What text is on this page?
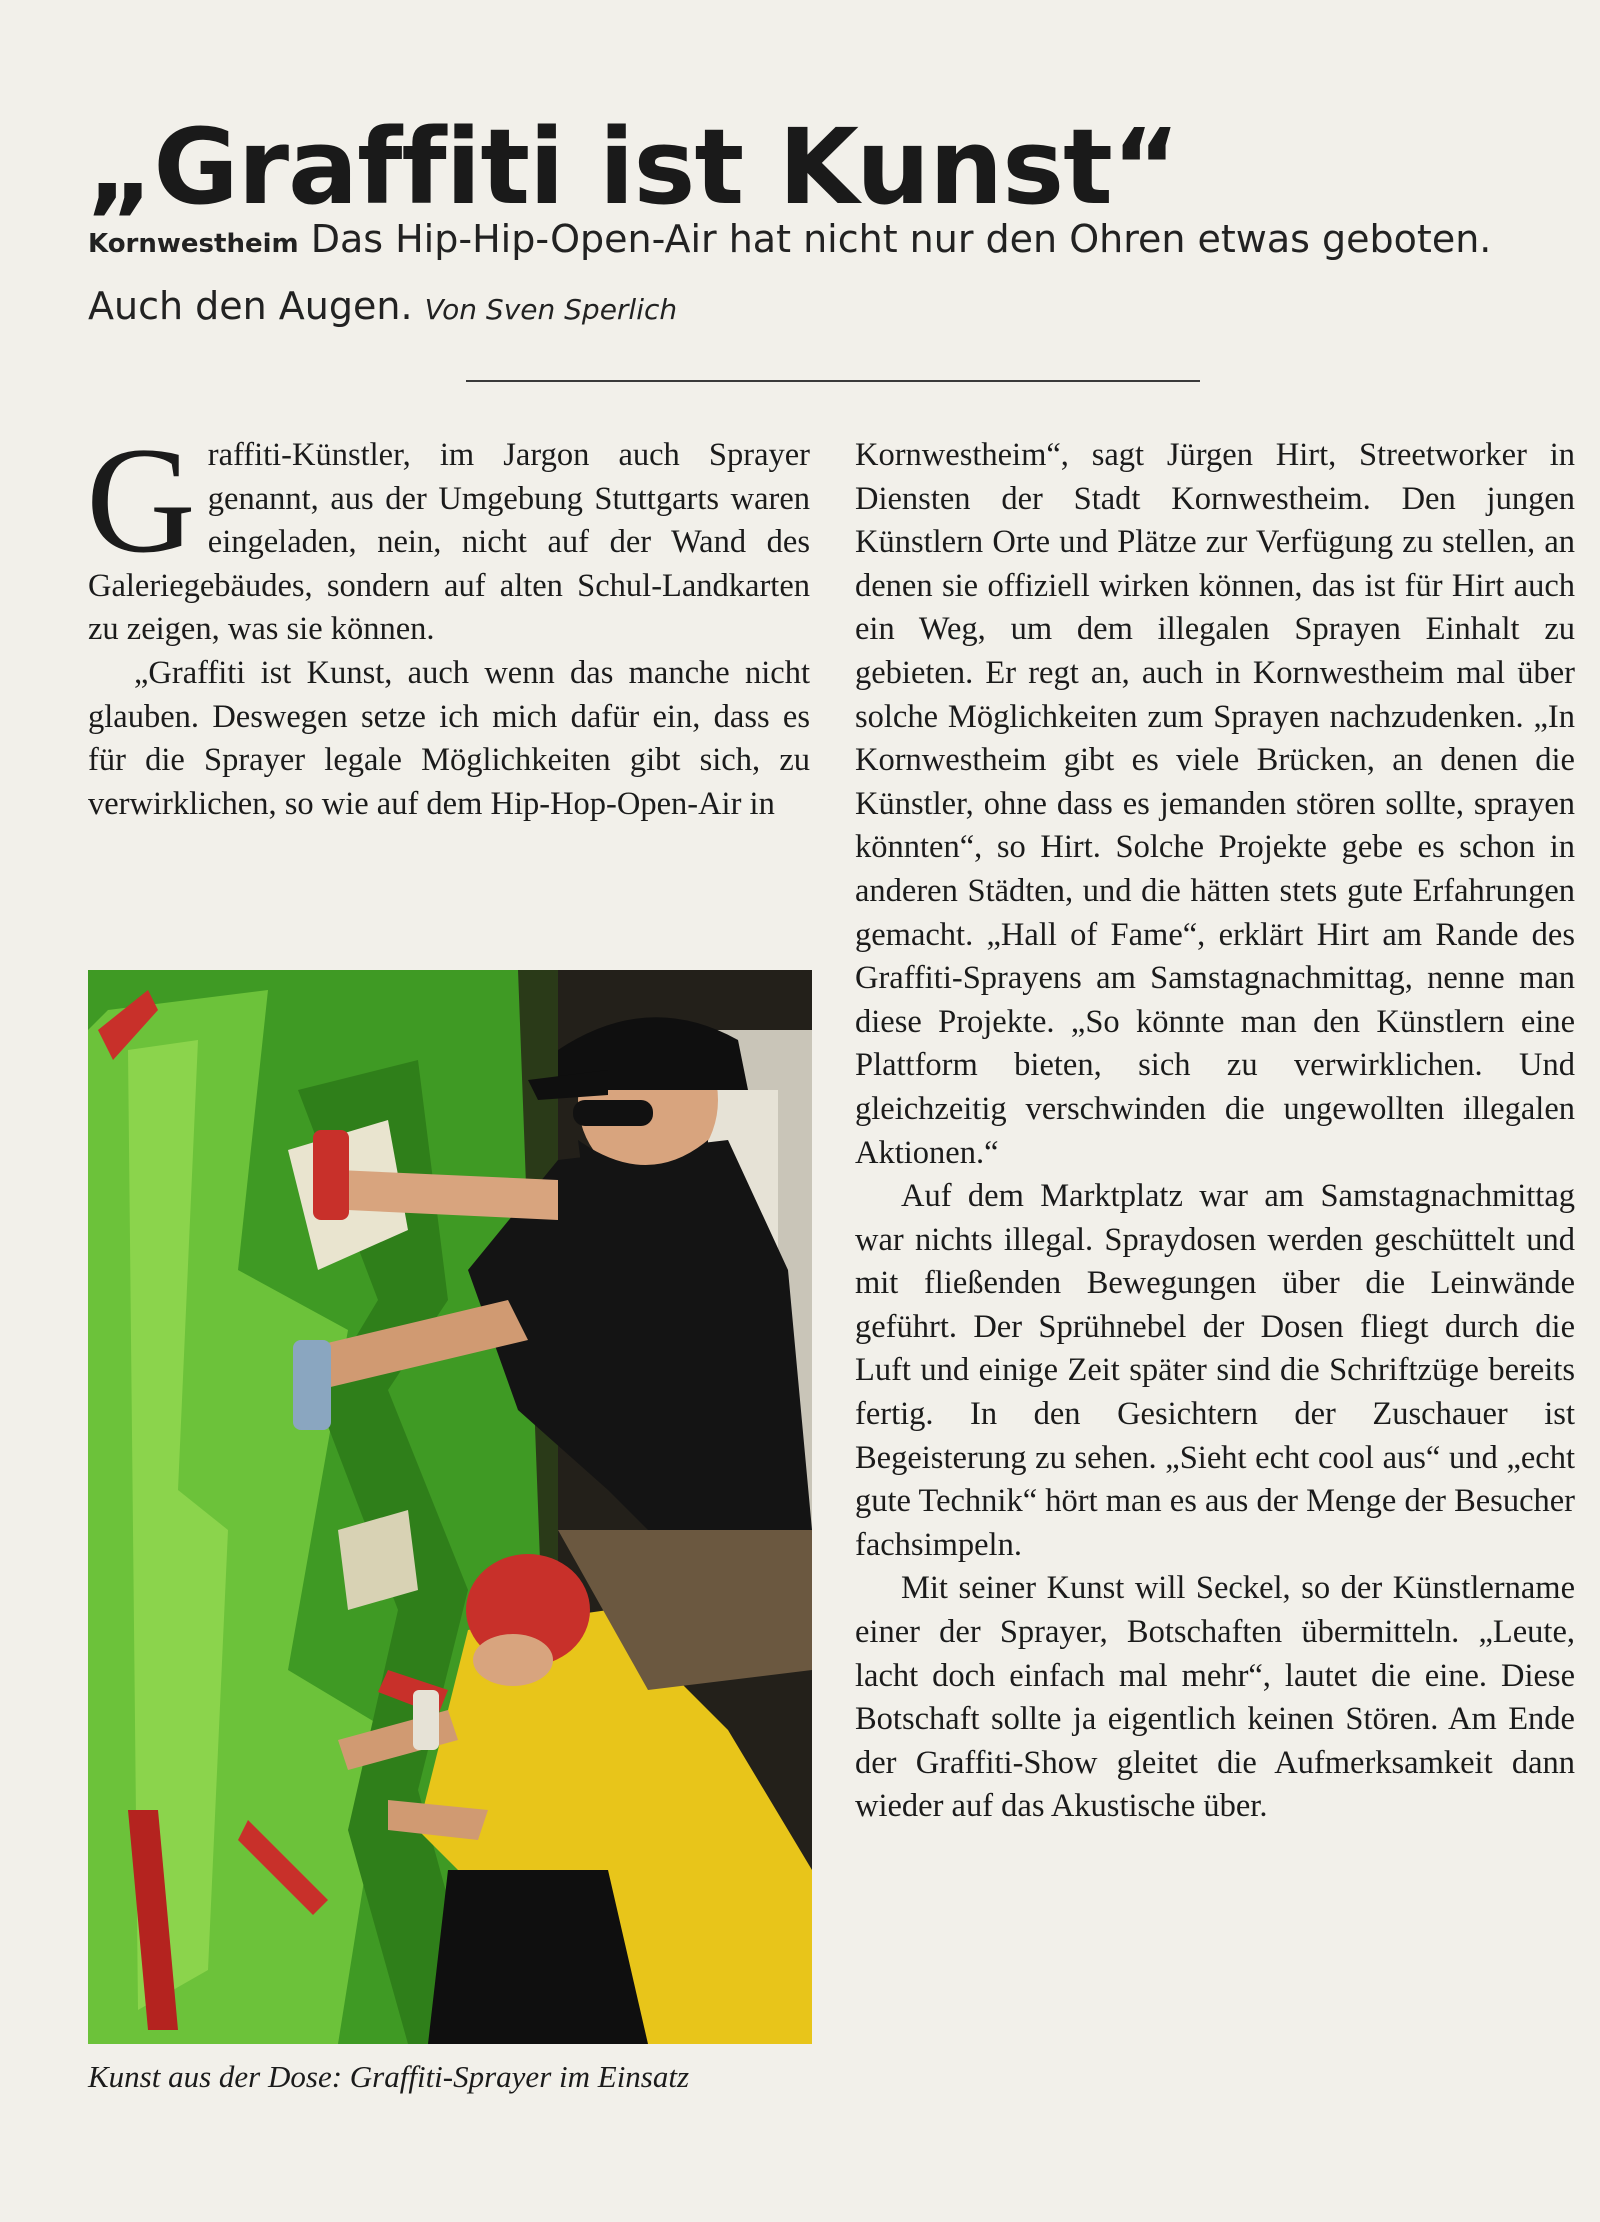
„Graffiti ist Kunst“
Kornwestheim Das Hip-Hip-Open-Air hat nicht nur den Ohren etwas geboten. Auch den Augen. Von Sven Sperlich

Graffiti-Künstler, im Jargon auch Sprayer genannt, aus der Umgebung Stuttgarts waren eingeladen, nein, nicht auf der Wand des Galeriegebäudes, sondern auf alten Schul-Landkarten zu zeigen, was sie können.

„Graffiti ist Kunst, auch wenn das manche nicht glauben. Deswegen setze ich mich dafür ein, dass es für die Sprayer legale Möglichkeiten gibt sich, zu verwirklichen, so wie auf dem Hip-Hop-Open-Air in

Kunst aus der Dose: Graffiti-Sprayer im Einsatz

Kornwestheim“, sagt Jürgen Hirt, Streetworker in Diensten der Stadt Kornwestheim. Den jungen Künstlern Orte und Plätze zur Verfügung zu stellen, an denen sie offiziell wirken können, das ist für Hirt auch ein Weg, um dem illegalen Sprayen Einhalt zu gebieten. Er regt an, auch in Kornwestheim mal über solche Möglichkeiten zum Sprayen nachzudenken. „In Kornwestheim gibt es viele Brücken, an denen die Künstler, ohne dass es jemanden stören sollte, sprayen könnten“, so Hirt. Solche Projekte gebe es schon in anderen Städten, und die hätten stets gute Erfahrungen gemacht. „Hall of Fame“, erklärt Hirt am Rande des Graffiti-Sprayens am Samstagnachmittag, nenne man diese Projekte. „So könnte man den Künstlern eine Plattform bieten, sich zu verwirklichen. Und gleichzeitig verschwinden die ungewollten illegalen Aktionen.“

Auf dem Marktplatz war am Samstagnachmittag war nichts illegal. Spraydosen werden geschüttelt und mit fließenden Bewegungen über die Leinwände geführt. Der Sprühnebel der Dosen fliegt durch die Luft und einige Zeit später sind die Schriftzüge bereits fertig. In den Gesichtern der Zuschauer ist Begeisterung zu sehen. „Sieht echt cool aus“ und „echt gute Technik“ hört man es aus der Menge der Besucher fachsimpeln.

Mit seiner Kunst will Seckel, so der Künstlername einer der Sprayer, Botschaften übermitteln. „Leute, lacht doch einfach mal mehr“, lautet die eine. Diese Botschaft sollte ja eigentlich keinen Stören. Am Ende der Graffiti-Show gleitet die Aufmerksamkeit dann wieder auf das Akustische über.
